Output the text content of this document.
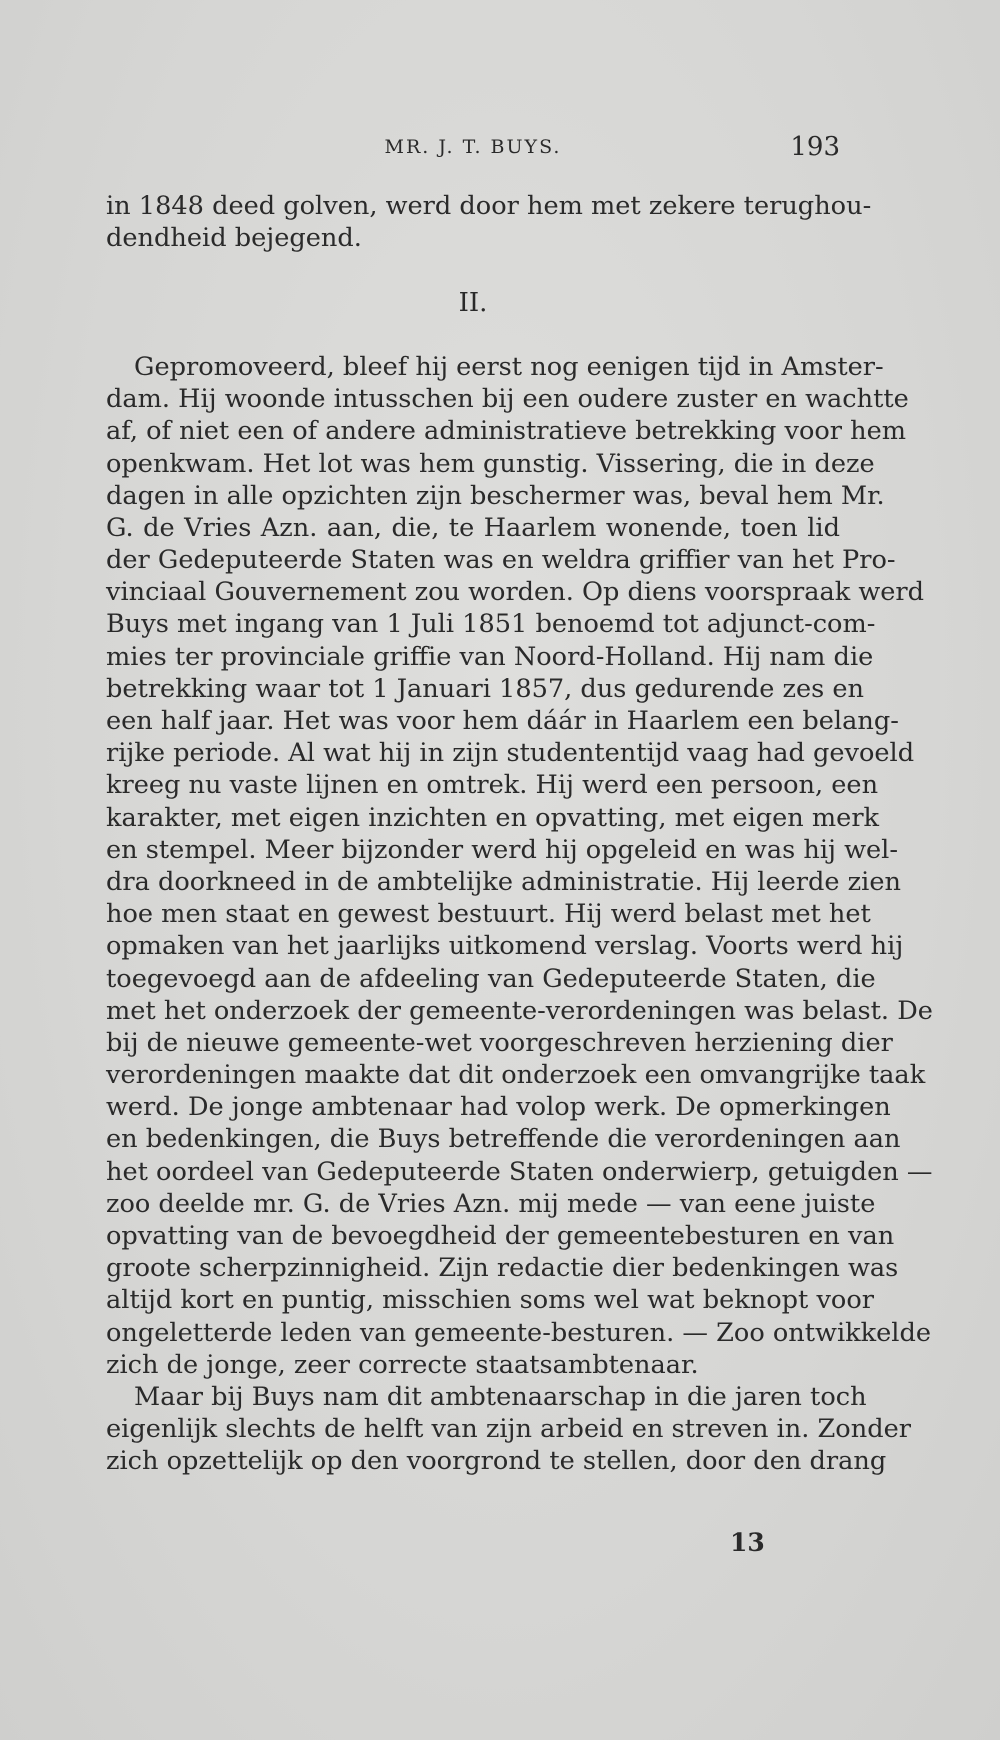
MR. J. T. BUYS.	193
in 1848 deed golven, werd door hem met zekere terughou-
dendheid bejegend.
II.
Gepromoveerd, bleef hij eerst nog eenigen tijd in Amster-
dam. Hij woonde intusschen bij een oudere zuster en wachtte
af, of niet een of andere administratieve betrekking voor hem
openkwam. Het lot was hem gunstig. Vissering, die in deze
dagen in alle opzichten zijn beschermer was, beval hem Mr.
G. de Vries Azn. aan, die, te Haarlem wonende, toen lid
der Gedeputeerde Staten was en weldra griffier van het Pro-
vinciaal Gouvernement zou worden. Op diens voorspraak werd
Buys met ingang van 1 Juli 1851 benoemd tot adjunct-com-
mies ter provinciale griffie van Noord-Holland. Hij nam die
betrekking waar tot 1 Januari 1857, dus gedurende zes en
een half jaar. Het was voor hem dáár in Haarlem een belang-
rijke periode. Al wat hij in zijn studententijd vaag had gevoeld
kreeg nu vaste lijnen en omtrek. Hij werd een persoon, een
karakter, met eigen inzichten en opvatting, met eigen merk
en stempel. Meer bijzonder werd hij opgeleid en was hij wel-
dra doorkneed in de ambtelijke administratie. Hij leerde zien
hoe men staat en gewest bestuurt. Hij werd belast met het
opmaken van het jaarlijks uitkomend verslag. Voorts werd hij
toegevoegd aan de afdeeling van Gedeputeerde Staten, die
met het onderzoek der gemeente-verordeningen was belast. De
bij de nieuwe gemeente-wet voorgeschreven herziening dier
verordeningen maakte dat dit onderzoek een omvangrijke taak
werd. De jonge ambtenaar had volop werk. De opmerkingen
en bedenkingen, die Buys betreffende die verordeningen aan
het oordeel van Gedeputeerde Staten onderwierp, getuigden —
zoo deelde mr. G. de Vries Azn. mij mede — van eene juiste
opvatting van de bevoegdheid der gemeentebesturen en van
groote scherpzinnigheid. Zijn redactie dier bedenkingen was
altijd kort en puntig, misschien soms wel wat beknopt voor
ongeletterde leden van gemeente-besturen. — Zoo ontwikkelde
zich de jonge, zeer correcte staatsambtenaar.
Maar bij Buys nam dit ambtenaarschap in die jaren toch
eigenlijk slechts de helft van zijn arbeid en streven in. Zonder
zich opzettelijk op den voorgrond te stellen, door den drang
13
